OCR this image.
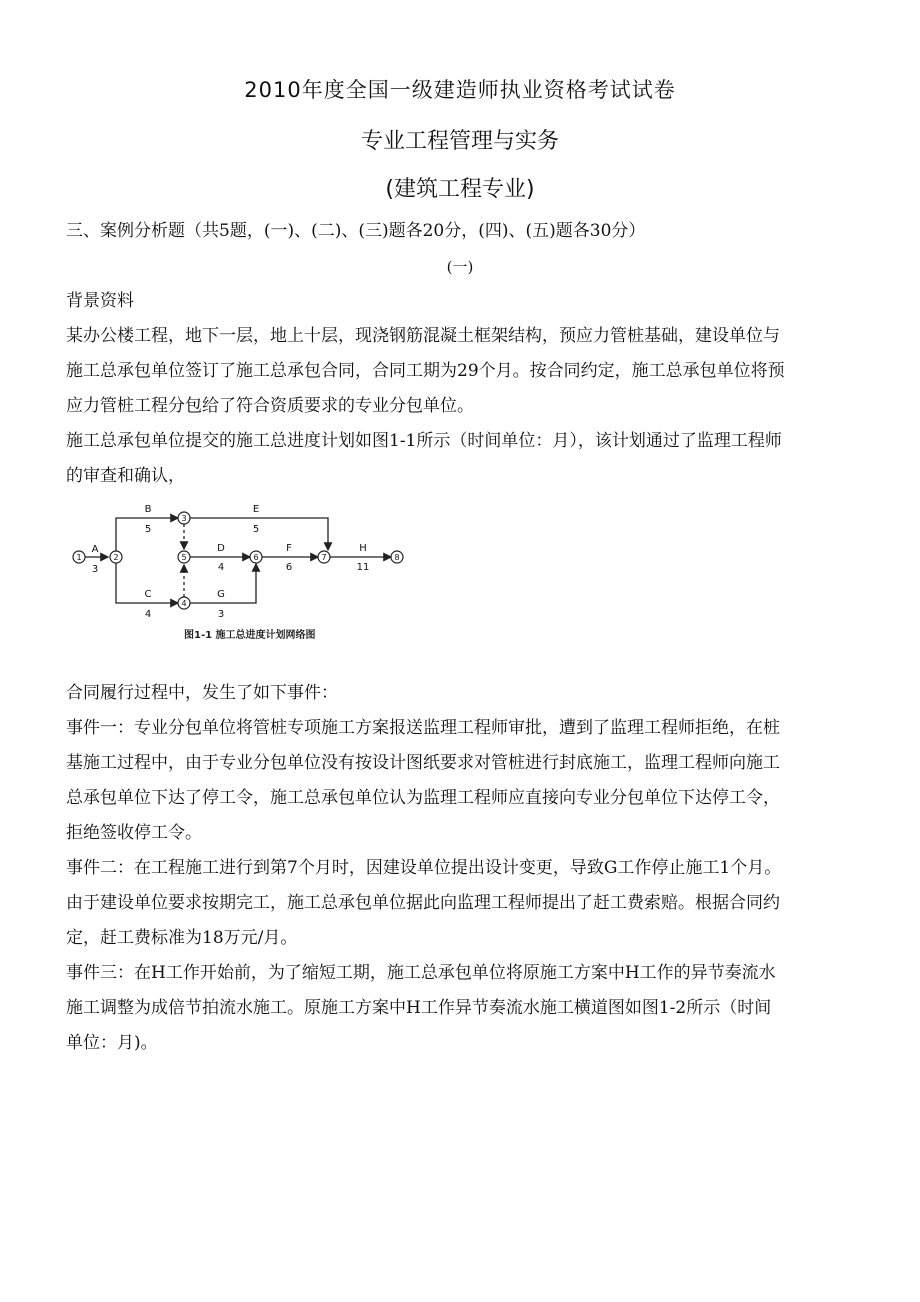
2010年度全国一级建造师执业资格考试试卷
专业工程管理与实务
(建筑工程专业)
三、案例分析题（共5题，(一)、(二)、(三)题各20分，(四)、(五)题各30分）
(一)

背景资料

某办公楼工程，地下一层，地上十层，现浇钢筋混凝土框架结构，预应力管桩基础，建设单位与

施工总承包单位签订了施工总承包合同，合同工期为29个月。按合同约定，施工总承包单位将预

应力管桩工程分包给了符合资质要求的专业分包单位。

施工总承包单位提交的施工总进度计划如图1-1所示（时间单位：月），该计划通过了监理工程师

的审查和确认，

1	2
3
4
5	6	7	8
A
3
B
5
C
4
D
4
E
5
F
6
G
3
H
11
图1-1 施工总进度计划网络图

合同履行过程中，发生了如下事件：

事件一：专业分包单位将管桩专项施工方案报送监理工程师审批，遭到了监理工程师拒绝，在桩

基施工过程中，由于专业分包单位没有按设计图纸要求对管桩进行封底施工，监理工程师向施工

总承包单位下达了停工令，施工总承包单位认为监理工程师应直接向专业分包单位下达停工令，

拒绝签收停工令。

事件二：在工程施工进行到第7个月时，因建设单位提出设计变更，导致G工作停止施工1个月。

由于建设单位要求按期完工，施工总承包单位据此向监理工程师提出了赶工费索赔。根据合同约

定，赶工费标准为18万元/月。

事件三：在H工作开始前，为了缩短工期，施工总承包单位将原施工方案中H工作的异节奏流水

施工调整为成倍节拍流水施工。原施工方案中H工作异节奏流水施工横道图如图1-2所示（时间

单位：月)。
